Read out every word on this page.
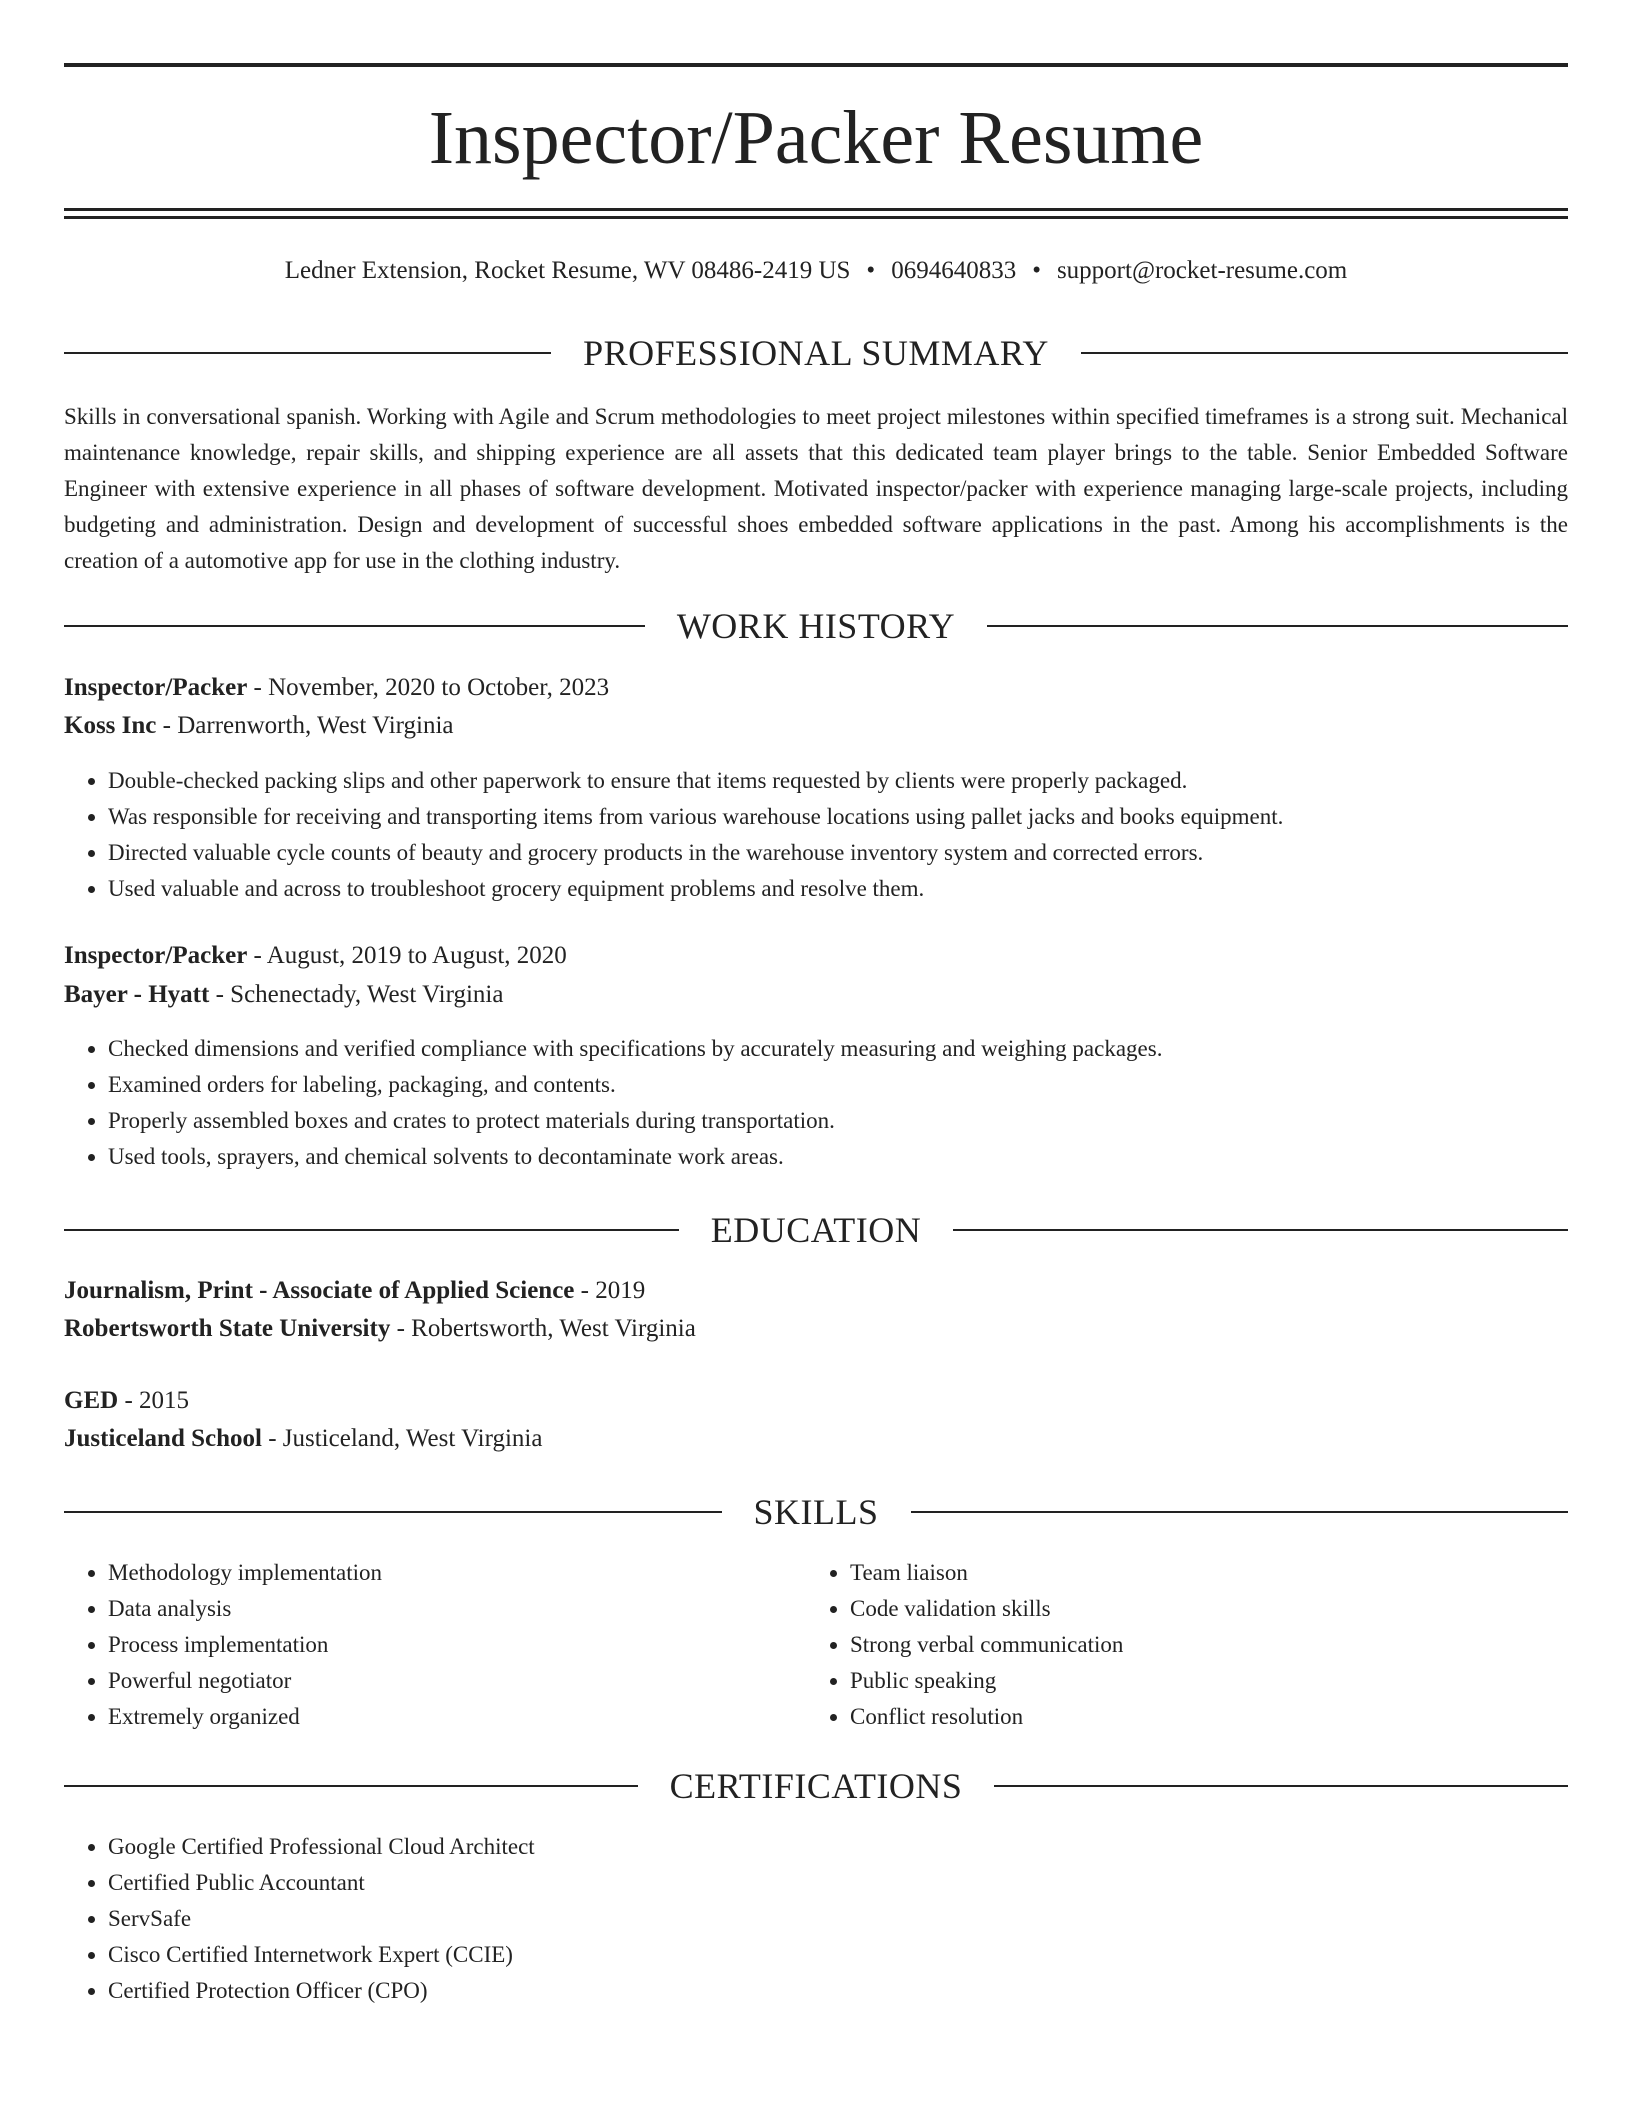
Inspector/Packer Resume
Ledner Extension, Rocket Resume, WV 08486-2419 US • 0694640833 • support@rocket-resume.com
PROFESSIONAL SUMMARY

Skills in conversational spanish. Working with Agile and Scrum methodologies to meet project milestones within specified timeframes is a strong suit. Mechanical maintenance knowledge, repair skills, and shipping experience are all assets that this dedicated team player brings to the table. Senior Embedded Software Engineer with extensive experience in all phases of software development. Motivated inspector/packer with experience managing large-scale projects, including budgeting and administration. Design and development of successful shoes embedded software applications in the past. Among his accomplishments is the creation of a automotive app for use in the clothing industry.

WORK HISTORY

Inspector/Packer - November, 2020 to October, 2023

Koss Inc - Darrenworth, West Virginia

• Double-checked packing slips and other paperwork to ensure that items requested by clients were properly packaged.
• Was responsible for receiving and transporting items from various warehouse locations using pallet jacks and books equipment.
• Directed valuable cycle counts of beauty and grocery products in the warehouse inventory system and corrected errors.
• Used valuable and across to troubleshoot grocery equipment problems and resolve them.

Inspector/Packer - August, 2019 to August, 2020

Bayer - Hyatt - Schenectady, West Virginia

• Checked dimensions and verified compliance with specifications by accurately measuring and weighing packages.
• Examined orders for labeling, packaging, and contents.
• Properly assembled boxes and crates to protect materials during transportation.
• Used tools, sprayers, and chemical solvents to decontaminate work areas.
EDUCATION

Journalism, Print - Associate of Applied Science - 2019

Robertsworth State University - Robertsworth, West Virginia

GED - 2015

Justiceland School - Justiceland, West Virginia

SKILLS
• Methodology implementation
• Data analysis
• Process implementation
• Powerful negotiator
• Extremely organized
• Team liaison
• Code validation skills
• Strong verbal communication
• Public speaking
• Conflict resolution
CERTIFICATIONS
• Google Certified Professional Cloud Architect
• Certified Public Accountant
• ServSafe
• Cisco Certified Internetwork Expert (CCIE)
• Certified Protection Officer (CPO)
